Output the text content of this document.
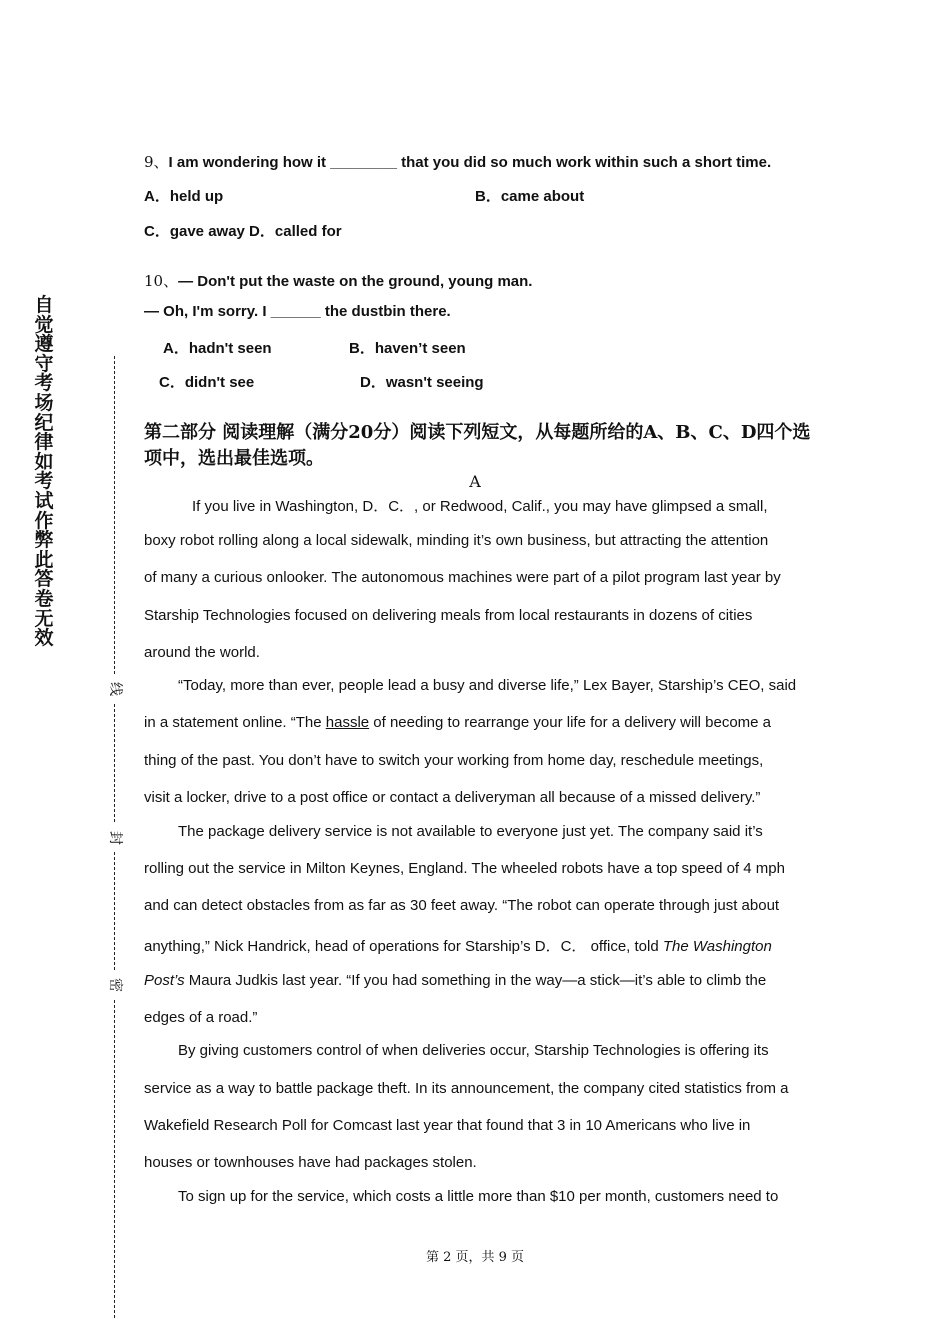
自觉遵守考场纪律如考试作弊此答卷无效
线
封
密
9、I am wondering how it ________ that you did so much work within such a short time.
A．held up	B．came about
C．gave away D．called for
10、— Don't put the waste on the ground, young man.
— Oh, I'm sorry. I ______ the dustbin there.
A．hadn't seen	B．haven’t seen
C．didn't see	D．wasn't seeing
第二部分 阅读理解（满分20分）阅读下列短文，从每题所给的A、B、C、D四个选项中，选出最佳选项。
A
If you live in Washington, D．C．, or Redwood, Calif., you may have glimpsed a small,
boxy robot rolling along a local sidewalk, minding it’s own business, but attracting the attention
of many a curious onlooker. The autonomous machines were part of a pilot program last year by
Starship Technologies focused on delivering meals from local restaurants in dozens of cities
around the world.
“Today, more than ever, people lead a busy and diverse life,” Lex Bayer, Starship’s CEO, said
in a statement online. “The hassle of needing to rearrange your life for a delivery will become a
thing of the past. You don’t have to switch your working from home day, reschedule meetings,
visit a locker, drive to a post office or contact a deliveryman all because of a missed delivery.”
The package delivery service is not available to everyone just yet. The company said it’s
rolling out the service in Milton Keynes, England. The wheeled robots have a top speed of 4 mph
and can detect obstacles from as far as 30 feet away. “The robot can operate through just about
anything,” Nick Handrick, head of operations for Starship’s D．C． office, told The Washington
Post’s Maura Judkis last year. “If you had something in the way—a stick—it’s able to climb the
edges of a road.”
By giving customers control of when deliveries occur, Starship Technologies is offering its
service as a way to battle package theft. In its announcement, the company cited statistics from a
Wakefield Research Poll for Comcast last year that found that 3 in 10 Americans who live in
houses or townhouses have had packages stolen.
To sign up for the service, which costs a little more than $10 per month, customers need to
第 2 页，共 9 页
